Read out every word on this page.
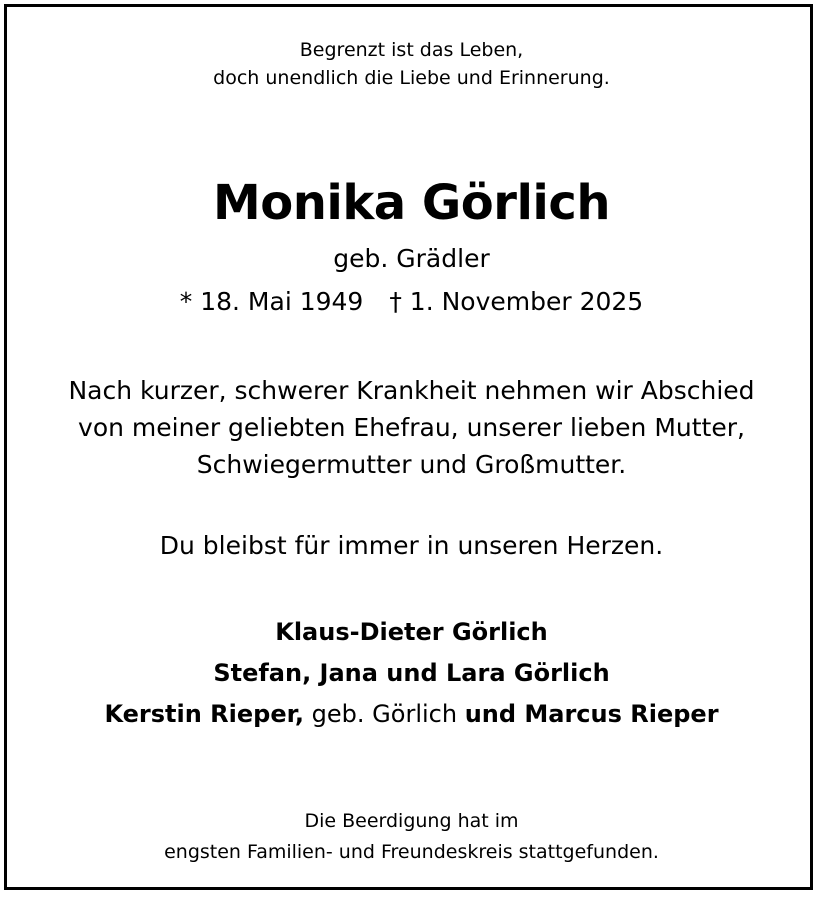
Begrenzt ist das Leben,
doch unendlich die Liebe und Erinnerung.
Monika Görlich
geb. Grädler
* 18. Mai 1949 † 1. November 2025
Nach kurzer, schwerer Krankheit nehmen wir Abschied
von meiner geliebten Ehefrau, unserer lieben Mutter,
Schwiegermutter und Großmutter.
Du bleibst für immer in unseren Herzen.
Klaus-Dieter Görlich
Stefan, Jana und Lara Görlich
Kerstin Rieper, geb. Görlich und Marcus Rieper
Die Beerdigung hat im
engsten Familien- und Freundeskreis stattgefunden.
